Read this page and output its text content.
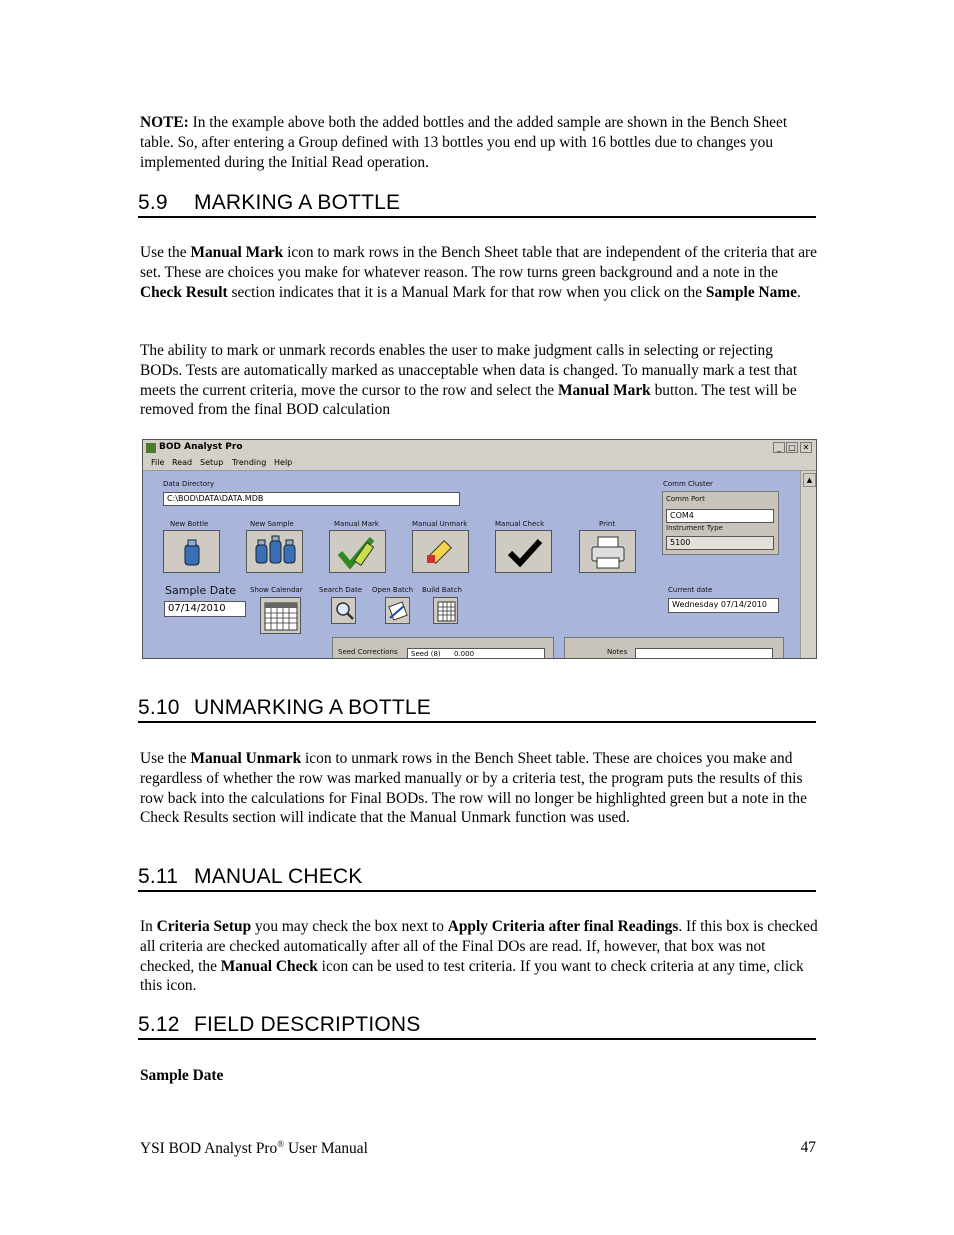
NOTE: In the example above both the added bottles and the added sample are shown in the Bench Sheet table. So, after entering a Group defined with 13 bottles you end up with 16 bottles due to changes you implemented during the Initial Read operation.
5.9 MARKING A BOTTLE
Use the Manual Mark icon to mark rows in the Bench Sheet table that are independent of the criteria that are set. These are choices you make for whatever reason. The row turns green background and a note in the Check Result section indicates that it is a Manual Mark for that row when you click on the Sample Name.
The ability to mark or unmark records enables the user to make judgment calls in selecting or rejecting BODs. Tests are automatically marked as unacceptable when data is changed. To manually mark a test that meets the current criteria, move the cursor to the row and select the Manual Mark button. The test will be removed from the final BOD calculation
BOD Analyst Pro	_ □ ✕
File Read Setup Trending Help
▲
Data Directory
C:\BOD\DATA\DATA.MDB
New Bottle	New Sample	Manual Mark	Manual Unmark	Manual Check	Print
Comm Cluster
Comm Port
COM4
Instrument Type
5100
Sample Date
07/14/2010
Show Calendar Search Date Open Batch Build Batch	Current date
Wednesday 07/14/2010
Seed Corrections	Seed (8) 0.000	Notes
5.10 UNMARKING A BOTTLE
Use the Manual Unmark icon to unmark rows in the Bench Sheet table. These are choices you make and regardless of whether the row was marked manually or by a criteria test, the program puts the results of this row back into the calculations for Final BODs. The row will no longer be highlighted green but a note in the Check Results section will indicate that the Manual Unmark function was used.
5.11 MANUAL CHECK
In Criteria Setup you may check the box next to Apply Criteria after final Readings. If this box is checked all criteria are checked automatically after all of the Final DOs are read. If, however, that box was not checked, the Manual Check icon can be used to test criteria. If you want to check criteria at any time, click this icon.
5.12 FIELD DESCRIPTIONS
Sample Date
YSI BOD Analyst Pro® User Manual	47
